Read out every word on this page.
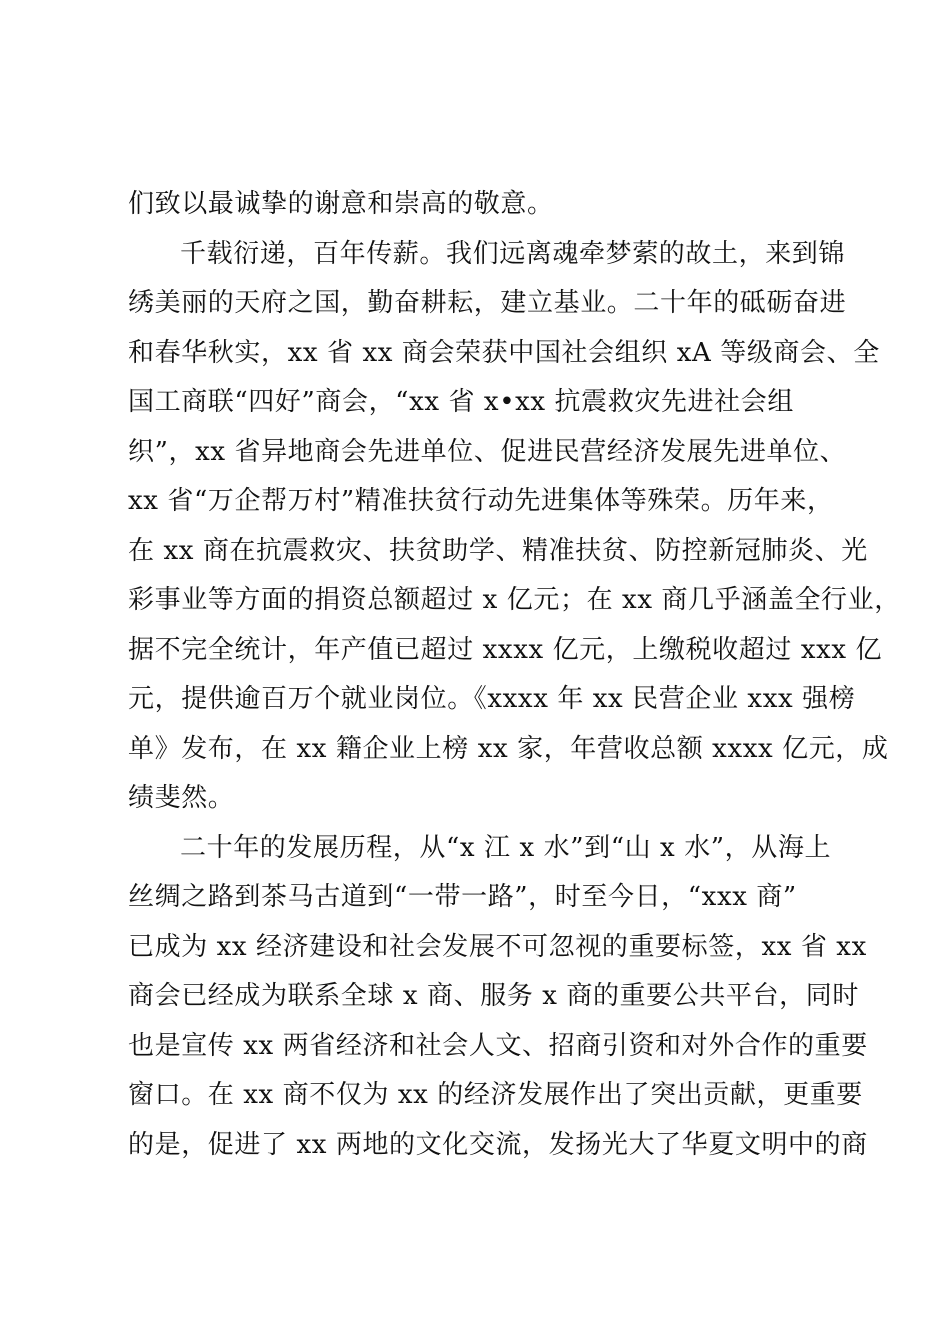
们致以最诚挚的谢意和崇高的敬意。
千载衍递，百年传薪。我们远离魂牵梦萦的故土，来到锦
绣美丽的天府之国，勤奋耕耘，建立基业。二十年的砥砺奋进
和春华秋实，xx 省 xx 商会荣获中国社会组织 xA 等级商会、全
国工商联“四好”商会，“xx 省 x•xx 抗震救灾先进社会组
织”，xx 省异地商会先进单位、促进民营经济发展先进单位、
xx 省“万企帮万村”精准扶贫行动先进集体等殊荣。历年来，
在 xx 商在抗震救灾、扶贫助学、精准扶贫、防控新冠肺炎、光
彩事业等方面的捐资总额超过 x 亿元；在 xx 商几乎涵盖全行业，
据不完全统计，年产值已超过 xxxx 亿元，上缴税收超过 xxx 亿
元，提供逾百万个就业岗位。《xxxx 年 xx 民营企业 xxx 强榜
单》发布，在 xx 籍企业上榜 xx 家，年营收总额 xxxx 亿元，成
绩斐然。
二十年的发展历程，从“x 江 x 水”到“山 x 水”，从海上
丝绸之路到茶马古道到“一带一路”，时至今日，“xxx 商”
已成为 xx 经济建设和社会发展不可忽视的重要标签，xx 省 xx
商会已经成为联系全球 x 商、服务 x 商的重要公共平台，同时
也是宣传 xx 两省经济和社会人文、招商引资和对外合作的重要
窗口。在 xx 商不仅为 xx 的经济发展作出了突出贡献，更重要
的是，促进了 xx 两地的文化交流，发扬光大了华夏文明中的商
